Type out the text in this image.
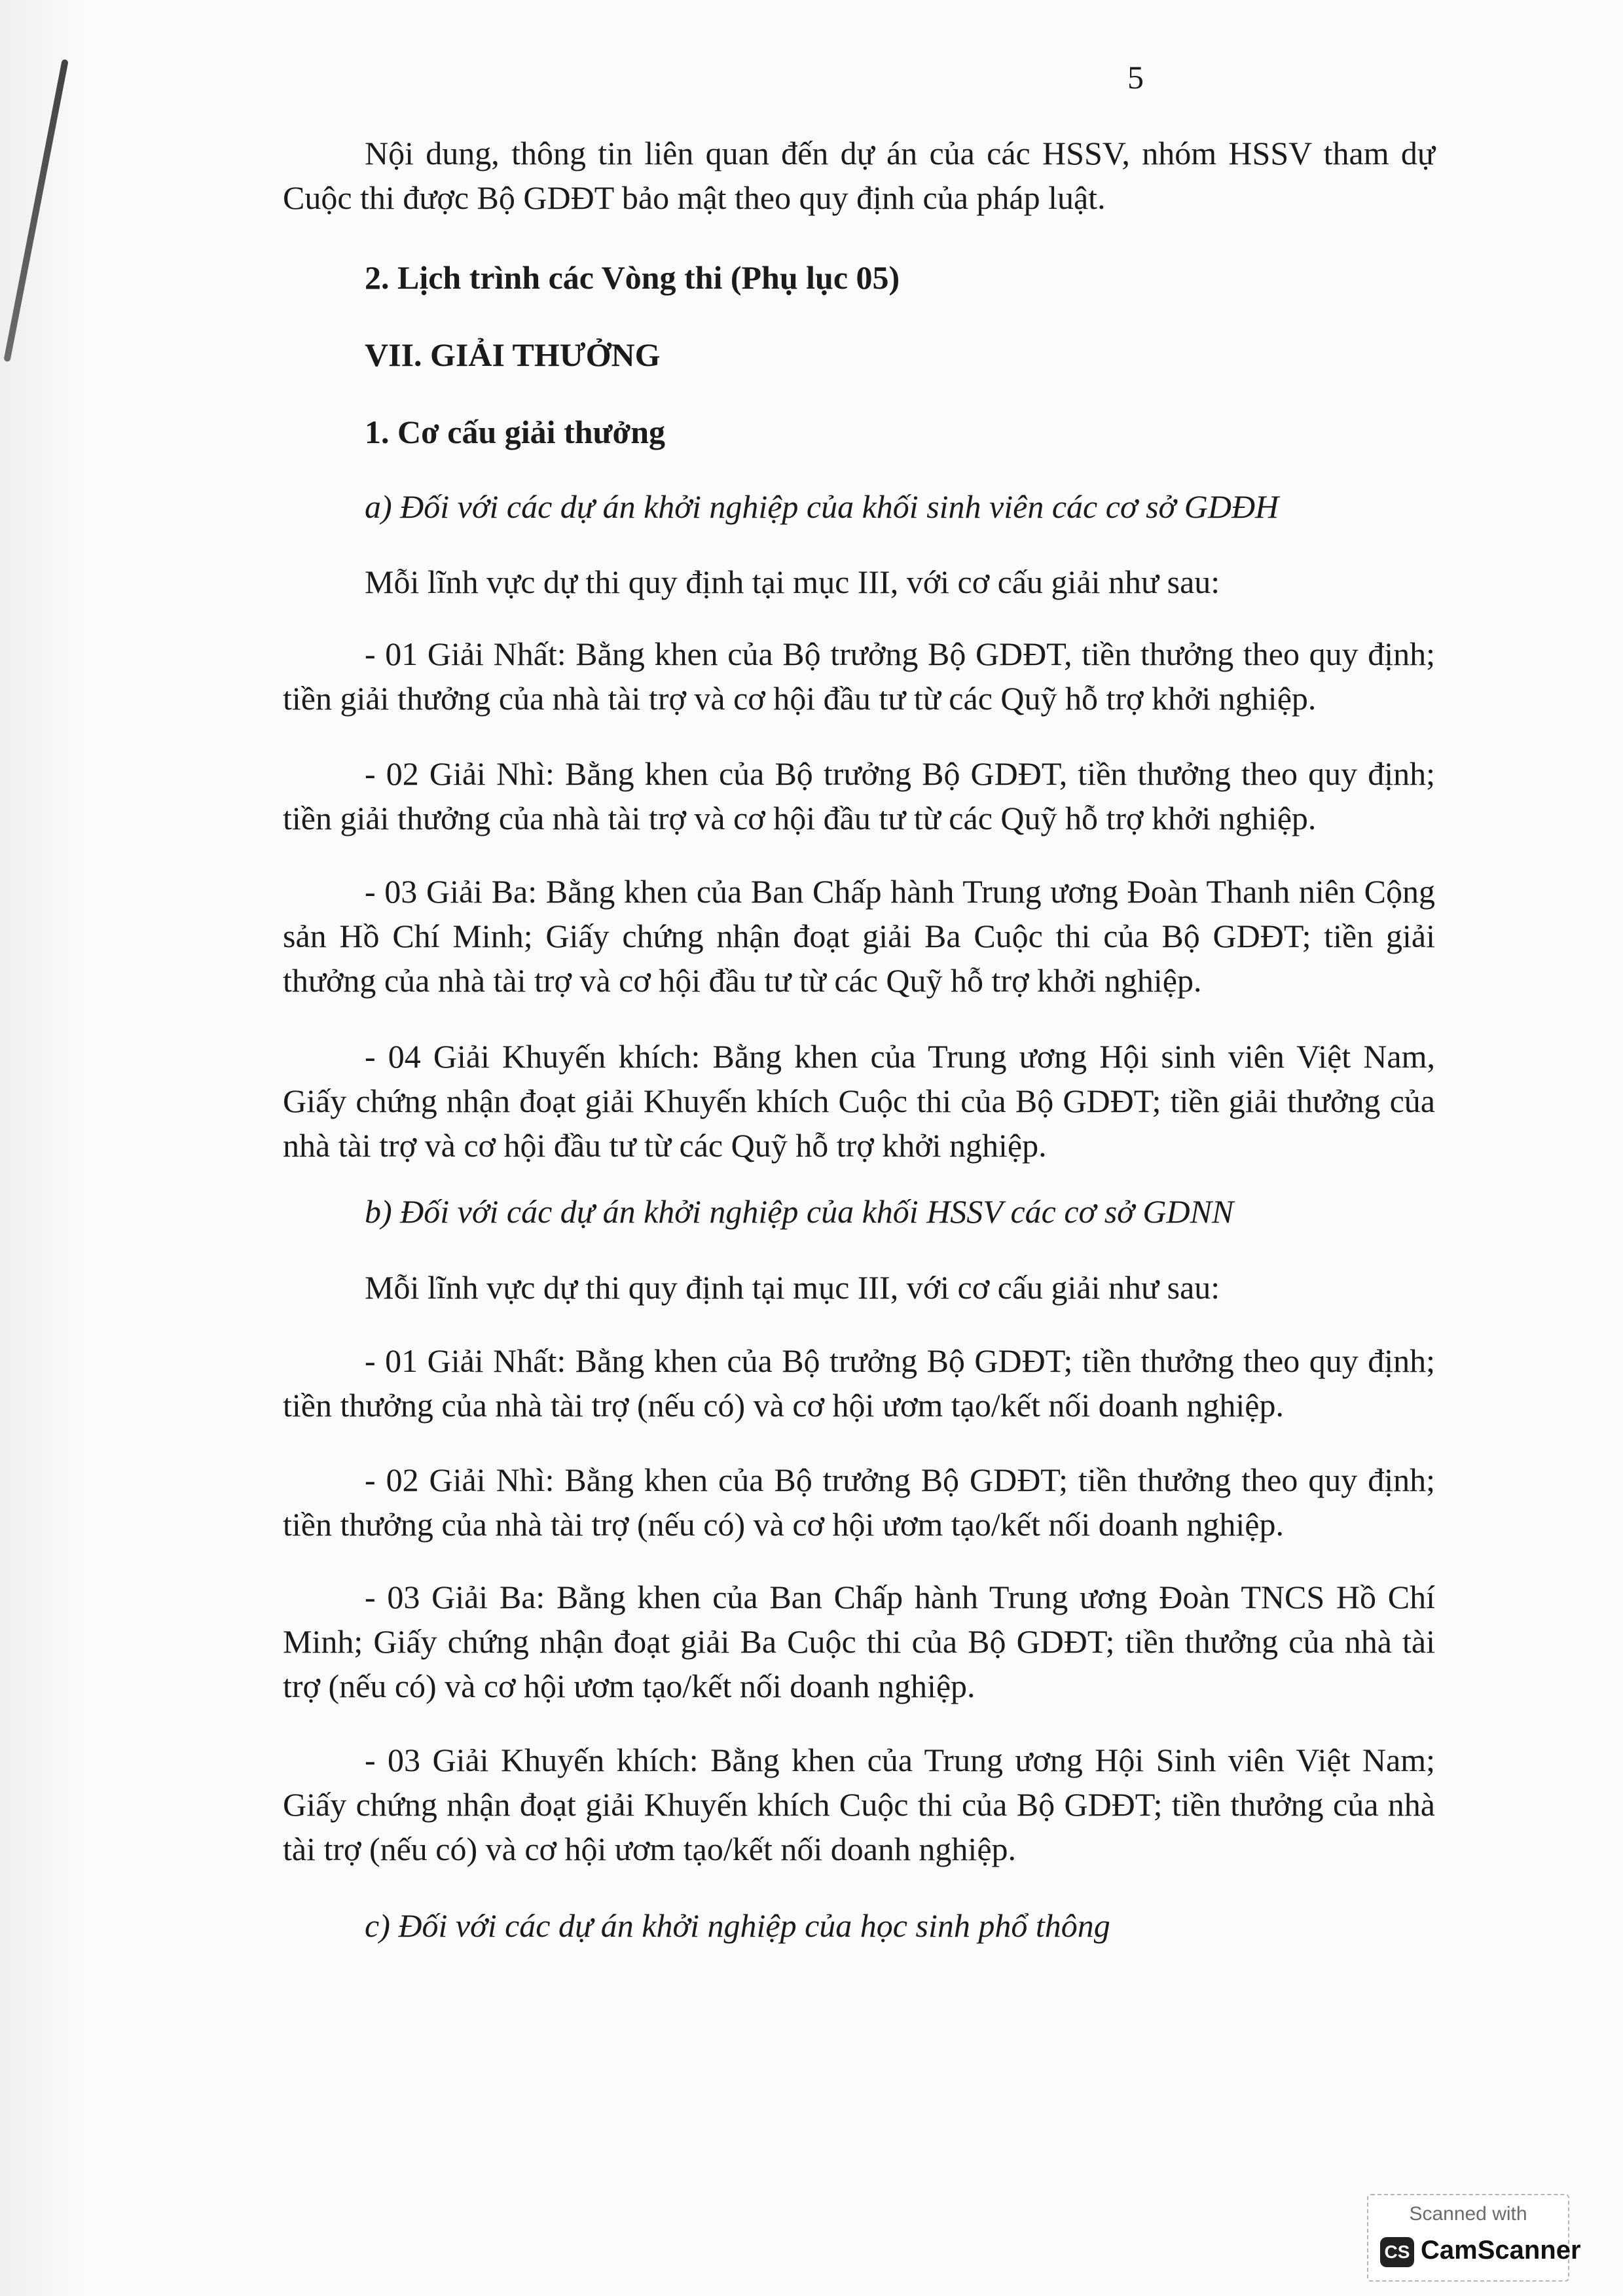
5

Nội dung, thông tin liên quan đến dự án của các HSSV, nhóm HSSV tham dự Cuộc thi được Bộ GDĐT bảo mật theo quy định của pháp luật.

2. Lịch trình các Vòng thi (Phụ lục 05)

VII. GIẢI THƯỞNG

1. Cơ cấu giải thưởng

a) Đối với các dự án khởi nghiệp của khối sinh viên các cơ sở GDĐH

Mỗi lĩnh vực dự thi quy định tại mục III, với cơ cấu giải như sau:

- 01 Giải Nhất: Bằng khen của Bộ trưởng Bộ GDĐT, tiền thưởng theo quy định; tiền giải thưởng của nhà tài trợ và cơ hội đầu tư từ các Quỹ hỗ trợ khởi nghiệp.

- 02 Giải Nhì: Bằng khen của Bộ trưởng Bộ GDĐT, tiền thưởng theo quy định; tiền giải thưởng của nhà tài trợ và cơ hội đầu tư từ các Quỹ hỗ trợ khởi nghiệp.

- 03 Giải Ba: Bằng khen của Ban Chấp hành Trung ương Đoàn Thanh niên Cộng sản Hồ Chí Minh; Giấy chứng nhận đoạt giải Ba Cuộc thi của Bộ GDĐT; tiền giải thưởng của nhà tài trợ và cơ hội đầu tư từ các Quỹ hỗ trợ khởi nghiệp.

- 04 Giải Khuyến khích: Bằng khen của Trung ương Hội sinh viên Việt Nam, Giấy chứng nhận đoạt giải Khuyến khích Cuộc thi của Bộ GDĐT; tiền giải thưởng của nhà tài trợ và cơ hội đầu tư từ các Quỹ hỗ trợ khởi nghiệp.

b) Đối với các dự án khởi nghiệp của khối HSSV các cơ sở GDNN

Mỗi lĩnh vực dự thi quy định tại mục III, với cơ cấu giải như sau:

- 01 Giải Nhất: Bằng khen của Bộ trưởng Bộ GDĐT; tiền thưởng theo quy định; tiền thưởng của nhà tài trợ (nếu có) và cơ hội ươm tạo/kết nối doanh nghiệp.

- 02 Giải Nhì: Bằng khen của Bộ trưởng Bộ GDĐT; tiền thưởng theo quy định; tiền thưởng của nhà tài trợ (nếu có) và cơ hội ươm tạo/kết nối doanh nghiệp.

- 03 Giải Ba: Bằng khen của Ban Chấp hành Trung ương Đoàn TNCS Hồ Chí Minh; Giấy chứng nhận đoạt giải Ba Cuộc thi của Bộ GDĐT; tiền thưởng của nhà tài trợ (nếu có) và cơ hội ươm tạo/kết nối doanh nghiệp.

- 03 Giải Khuyến khích: Bằng khen của Trung ương Hội Sinh viên Việt Nam; Giấy chứng nhận đoạt giải Khuyến khích Cuộc thi của Bộ GDĐT; tiền thưởng của nhà tài trợ (nếu có) và cơ hội ươm tạo/kết nối doanh nghiệp.

c) Đối với các dự án khởi nghiệp của học sinh phổ thông

Scanned with
CS CamScanner
